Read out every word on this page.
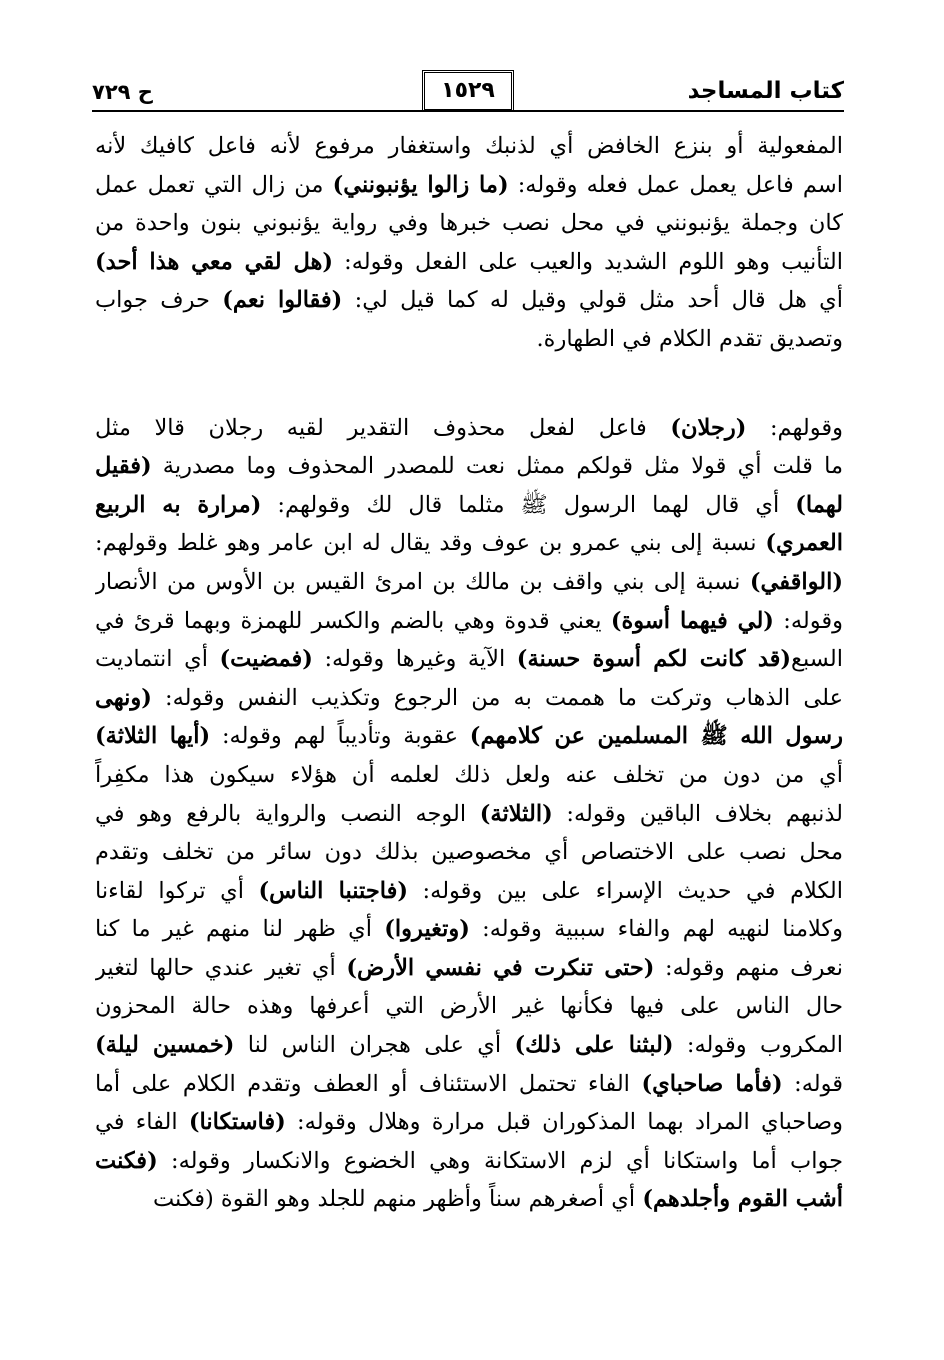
كتاب المساجد
١٥٢٩
ح ٧٢٩
المفعولية أو بنزع الخافض أي لذنبك واستغفار مرفوع لأنه فاعل كافيك لأنه
اسم فاعل يعمل عمل فعله وقوله: (ما زالوا يؤنبونني) من زال التي تعمل عمل
كان وجملة يؤنبونني في محل نصب خبرها وفي رواية يؤنبوني بنون واحدة من
التأنيب وهو اللوم الشديد والعيب على الفعل وقوله: (هل لقي معي هذا أحد)
أي هل قال أحد مثل قولي وقيل له كما قيل لي: (فقالوا نعم) حرف جواب
وتصديق تقدم الكلام في الطهارة.
وقولهم: (رجلان) فاعل لفعل محذوف التقدير لقيه رجلان قالا مثل
ما قلت أي قولا مثل قولكم ممثل نعت للمصدر المحذوف وما مصدرية (فقيل
لهما) أي قال لهما الرسول ﷺ مثلما قال لك وقولهم: (مرارة به الربيع
العمري) نسبة إلى بني عمرو بن عوف وقد يقال له ابن عامر وهو غلط وقولهم:
(الواقفي) نسبة إلى بني واقف بن مالك بن امرئ القيس بن الأوس من الأنصار
وقوله: (لي فيهما أسوة) يعني قدوة وهي بالضم والكسر للهمزة وبهما قرئ في
السبع(قد كانت لكم أسوة حسنة) الآية وغيرها وقوله: (فمضيت) أي انتماديت
على الذهاب وتركت ما هممت به من الرجوع وتكذيب النفس وقوله: (ونهى
رسول الله ﷺ المسلمين عن كلامهم) عقوبة وتأديباً لهم وقوله: (أيها الثلاثة)
أي من دون من تخلف عنه ولعل ذلك لعلمه أن هؤلاء سيكون هذا مكفِراً
لذنبهم بخلاف الباقين وقوله: (الثلاثة) الوجه النصب والرواية بالرفع وهو في
محل نصب على الاختصاص أي مخصوصين بذلك دون سائر من تخلف وتقدم
الكلام في حديث الإسراء على بين وقوله: (فاجتنبا الناس) أي تركوا لقاءنا
وكلامنا لنهيه لهم والفاء سببية وقوله: (وتغيروا) أي ظهر لنا منهم غير ما كنا
نعرف منهم وقوله: (حتى تنكرت في نفسي الأرض) أي تغير عندي حالها لتغير
حال الناس على فيها فكأنها غير الأرض التي أعرفها وهذه حالة المحزون
المكروب وقوله: (لبثنا على ذلك) أي على هجران الناس لنا (خمسين ليلة)
قوله: (فأما صاحباي) الفاء تحتمل الاستئناف أو العطف وتقدم الكلام على أما
وصاحباي المراد بهما المذكوران قبل مرارة وهلال وقوله: (فاستكانا) الفاء في
جواب أما واستكانا أي لزم الاستكانة وهي الخضوع والانكسار وقوله: (فكنت
أشب القوم وأجلدهم) أي أصغرهم سناً وأظهر منهم للجلد وهو القوة (فكنت
